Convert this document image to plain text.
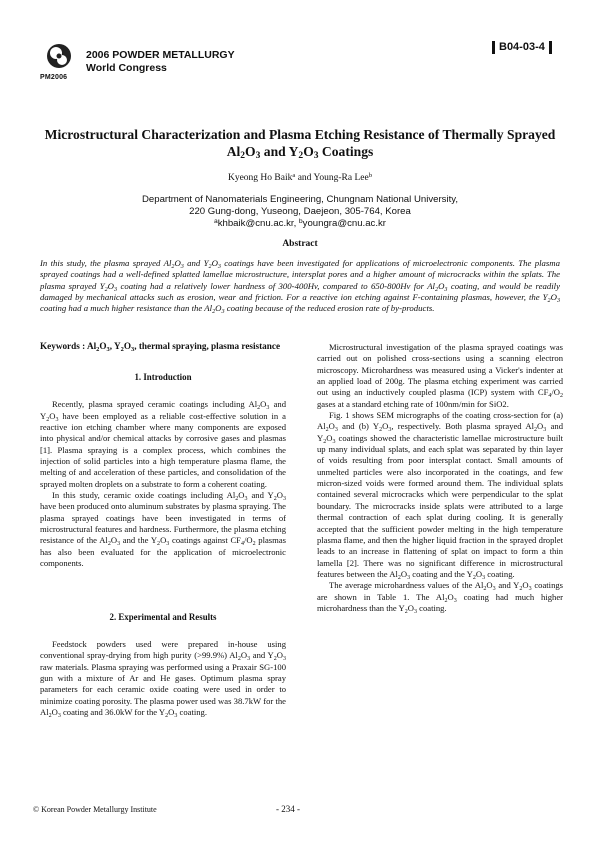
PM2006
2006 POWDER METALLURGY
World Congress
B04-03-4
Microstructural Characterization and Plasma Etching Resistance of Thermally Sprayed $Al_2O_3$ and $Y_2O_3$ Coatings
Kyeong Ho Baik$^a$ and Young-Ra Lee$^b$
Department of Nanomaterials Engineering, Chungnam National University,
220 Gung-dong, Yuseong, Daejeon, 305-764, Korea
$^a$khbaik@cnu.ac.kr, $^b$youngra@cnu.ac.kr
Abstract
In this study, the plasma sprayed $Al_2O_3$ and $Y_2O_3$ coatings have been investigated for applications of microelectronic components. The plasma sprayed coatings had a well-defined splatted lamellae microstructure, intersplat pores and a higher amount of microcracks within the splats. The plasma sprayed $Y_2O_3$ coating had a relatively lower hardness of 300-400Hv, compared to 650-800Hv for $Al_2O_3$ coating, and would be readily damaged by mechanical attacks such as erosion, wear and friction. For a reactive ion etching against F-containing plasmas, however, the $Y_2O_3$ coating had a much higher resistance than the $Al_2O_3$ coating because of the reduced erosion rate of by-products.
Keywords : $Al_2O_3$, $Y_2O_3$, thermal spraying, plasma resistance
1. Introduction

Recently, plasma sprayed ceramic coatings including $Al_2O_3$ and $Y_2O_3$ have been employed as a reliable cost-effective solution in a reactive ion etching chamber where many components are exposed into physical and/or chemical attacks by corrosive gases and plasmas [1]. Plasma spraying is a complex process, which combines the injection of solid particles into a high temperature plasma flame, the melting of and acceleration of these particles, and consolidation of the sprayed molten droplets on a substrate to form a coherent coating.

In this study, ceramic oxide coatings including $Al_2O_3$ and $Y_2O_3$ have been produced onto aluminum substrates by plasma spraying. The plasma sprayed coatings have been investigated in terms of microstructural features and hardness. Furthermore, the plasma etching resistance of the $Al_2O_3$ and the $Y_2O_3$ coatings against $CF_4/O_2$ plasmas has also been evaluated for the application of microelectronic components.

2. Experimental and Results

Feedstock powders used were prepared in-house using conventional spray-drying from high purity (>99.9%) $Al_2O_3$ and $Y_2O_3$ raw materials. Plasma spraying was performed using a Praxair SG-100 gun with a mixture of Ar and He gases. Optimum plasma spray parameters for each ceramic oxide coating were used in order to minimize coating porosity. The plasma power used was 38.7kW for the $Al_2O_3$ coating and 36.0kW for the $Y_2O_3$ coating.

Microstructural investigation of the plasma sprayed coatings was carried out on polished cross-sections using a scanning electron microscopy. Microhardness was measured using a Vicker's indenter at an applied load of 200g. The plasma etching experiment was carried out using an inductively coupled plasma (ICP) system with $CF_4/O_2$ gases at a standard etching rate of 100nm/min for SiO2.

Fig. 1 shows SEM micrographs of the coating cross-section for (a) $Al_2O_3$ and (b) $Y_2O_3$, respectively. Both plasma sprayed $Al_2O_3$ and $Y_2O_3$ coatings showed the characteristic lamellae microstructure built up many individual splats, and each splat was separated by thin layer of voids resulting from poor intersplat contact. Small amounts of unmelted particles were also incorporated in the coatings, and few micron-sized voids were formed around them. The individual splats contained several microcracks which were perpendicular to the splat boundary. The microcracks inside splats were attributed to a large thermal contraction of each splat during cooling. It is generally accepted that the sufficient powder melting in the high temperature plasma flame, and then the higher liquid fraction in the sprayed droplet leads to an increase in flattening of splat on impact to form a thin lamella [2]. There was no significant difference in microstructural features between the $Al_2O_3$ coating and the $Y_2O_3$ coating.

The average microhardness values of the $Al_2O_3$ and $Y_2O_3$ coatings are shown in Table 1. The $Al_2O_3$ coating had much higher microhardness than the $Y_2O_3$ coating.

© Korean Powder Metallurgy Institute	- 234 -
